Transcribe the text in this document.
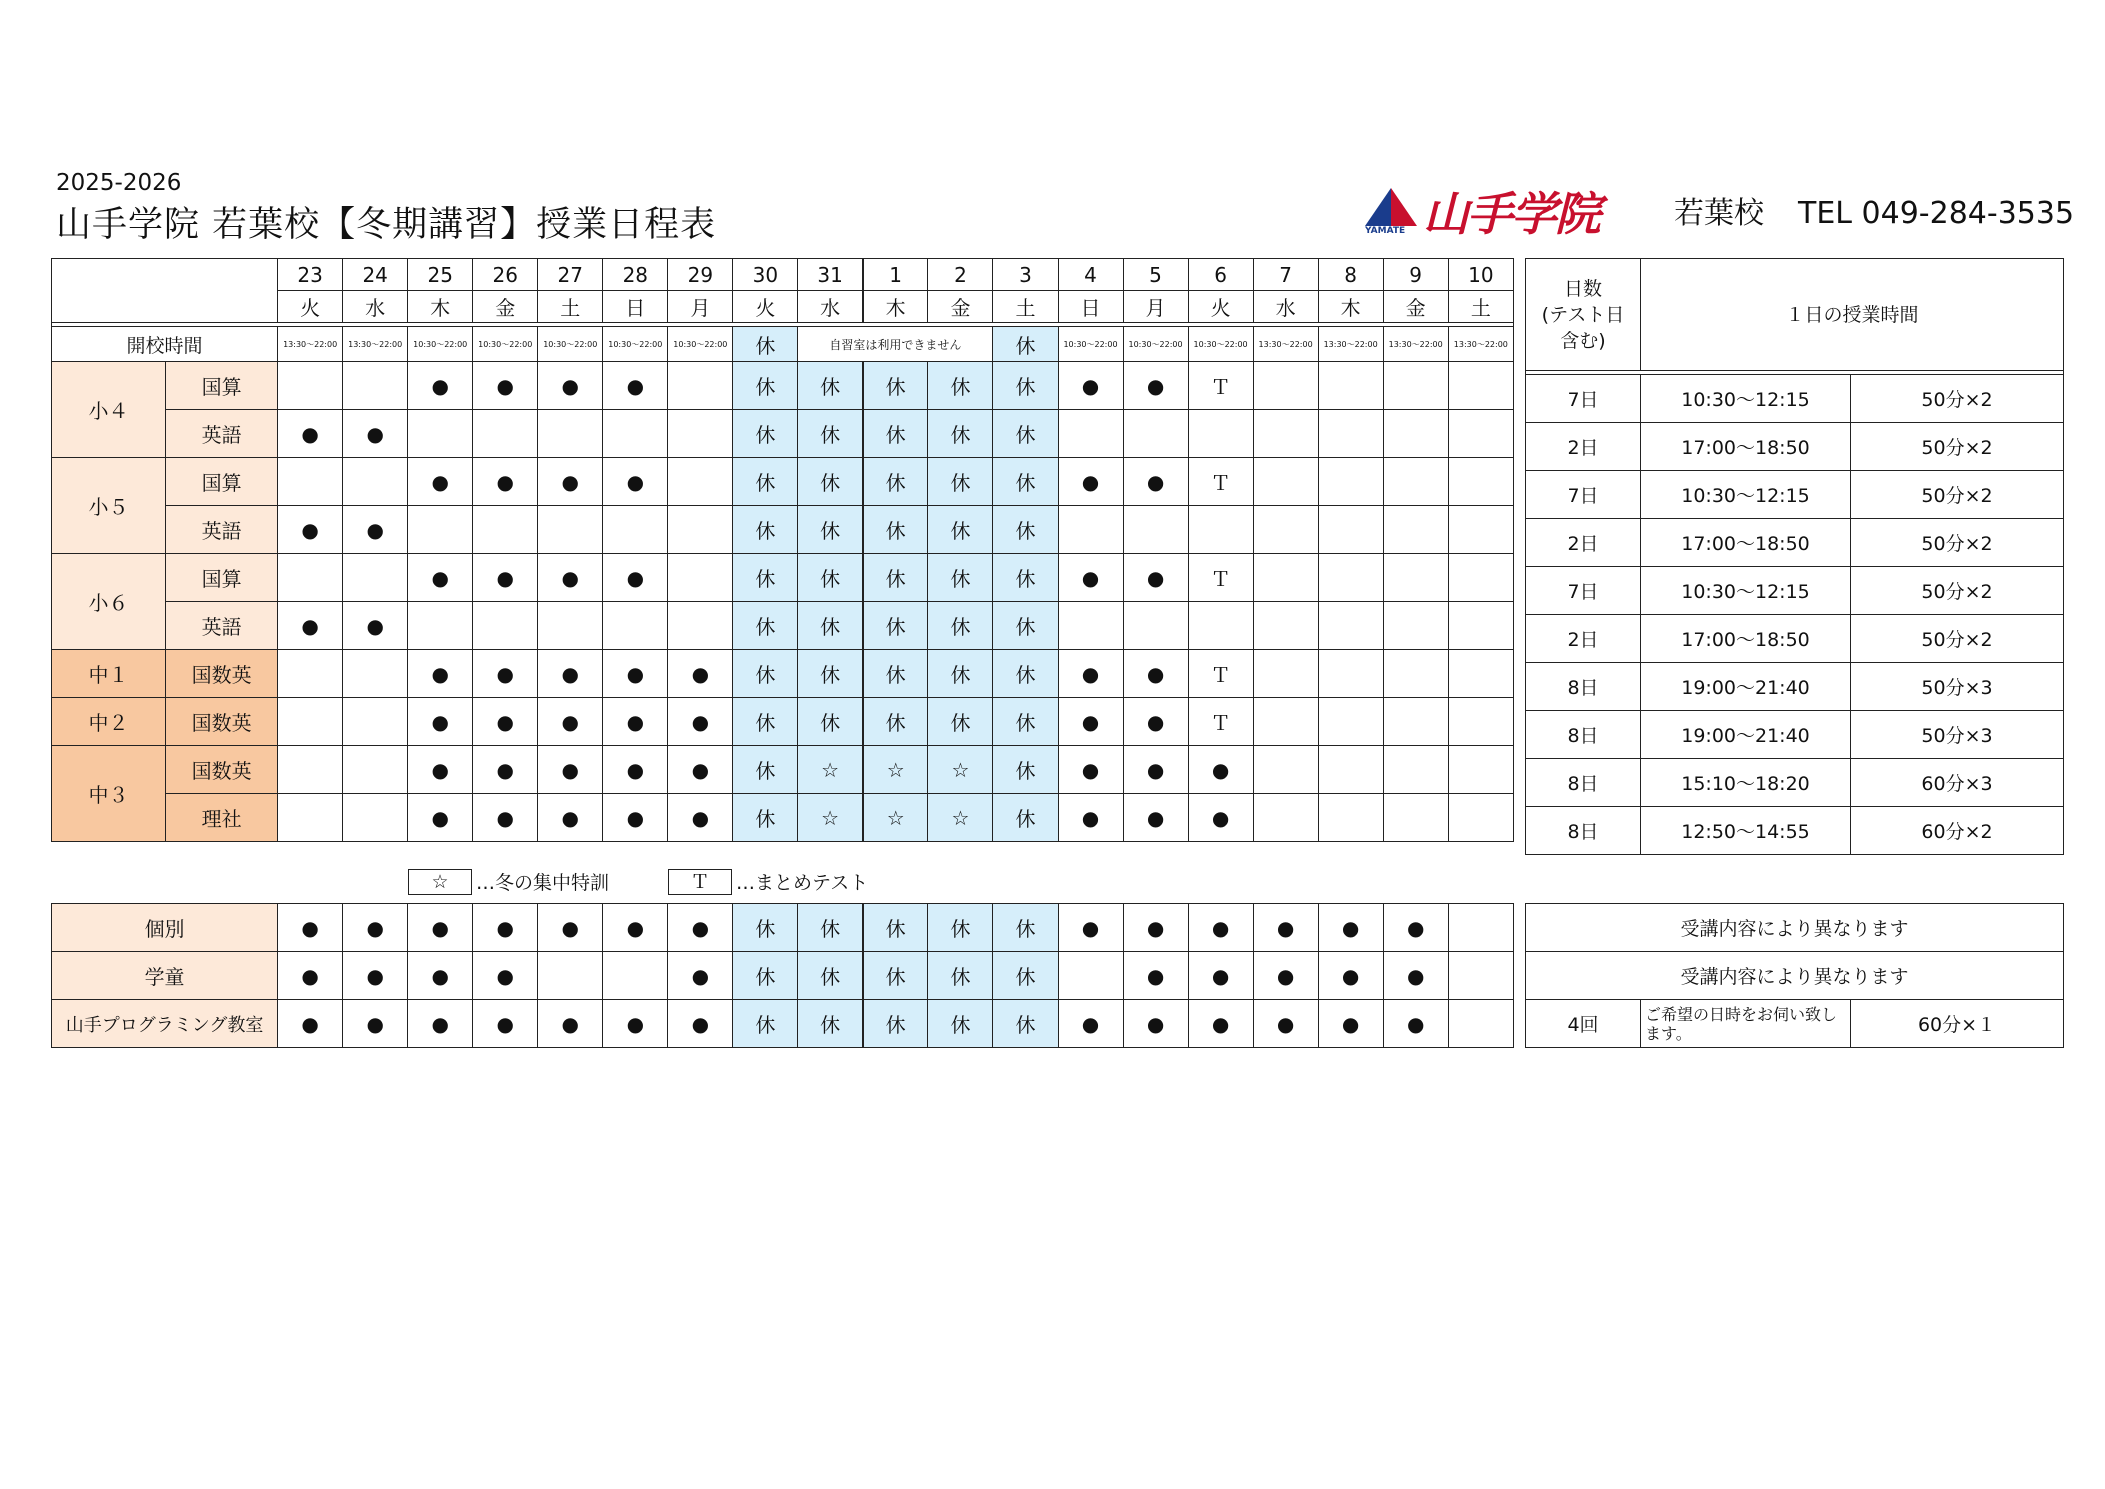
2025-2026
山手学院 若葉校【冬期講習】授業日程表	YAMATE 山手学院	若葉校 TEL 049-284-3535
		23	24	25	26	27	28	29	30	31	1	2	3	4	5	6	7	8	9	10
		火	水	木	金	土	日	月	火	水	木	金	土	日	月	火	水	木	金	土

開校時間		13:30～22:00	13:30～22:00	10:30～22:00	10:30～22:00	10:30～22:00	10:30～22:00	10:30～22:00	休	自習室は利用できません			休	10:30～22:00	10:30～22:00	10:30～22:00	13:30～22:00	13:30～22:00	13:30～22:00	13:30～22:00
小４	国算			●	●	●	●		休	休	休	休	休	●	●	Ｔ				
	英語	●	●						休	休	休	休	休							
小５	国算			●	●	●	●		休	休	休	休	休	●	●	Ｔ				
	英語	●	●						休	休	休	休	休							
小６	国算			●	●	●	●		休	休	休	休	休	●	●	Ｔ				
	英語	●	●						休	休	休	休	休							
中１	国数英			●	●	●	●	●	休	休	休	休	休	●	●	Ｔ				
中２	国数英			●	●	●	●	●	休	休	休	休	休	●	●	Ｔ				
中３	国数英			●	●	●	●	●	休	☆	☆	☆	休	●	●	●				
	理社			●	●	●	●	●	休	☆	☆	☆	休	●	●	●				
日数
(テスト日
含む)	１日の授業時間	

7日	10:30～12:15	50分×2
2日	17:00～18:50	50分×2
7日	10:30～12:15	50分×2
2日	17:00～18:50	50分×2
7日	10:30～12:15	50分×2
2日	17:00～18:50	50分×2
8日	19:00～21:40	50分×3
8日	19:00～21:40	50分×3
8日	15:10～18:20	60分×3
8日	12:50～14:55	60分×2
☆ …冬の集中特訓	Ｔ …まとめテスト
個別	●	●	●	●	●	●	●	休	休	休	休	休	●	●	●	●	●	●	
学童	●	●	●	●			●	休	休	休	休	休		●	●	●	●	●	
山手プログラミング教室	●	●	●	●	●	●	●	休	休	休	休	休	●	●	●	●	●	●	
受講内容により異なります
受講内容により異なります
4回	ご希望の日時をお伺い致します。	60分×１
